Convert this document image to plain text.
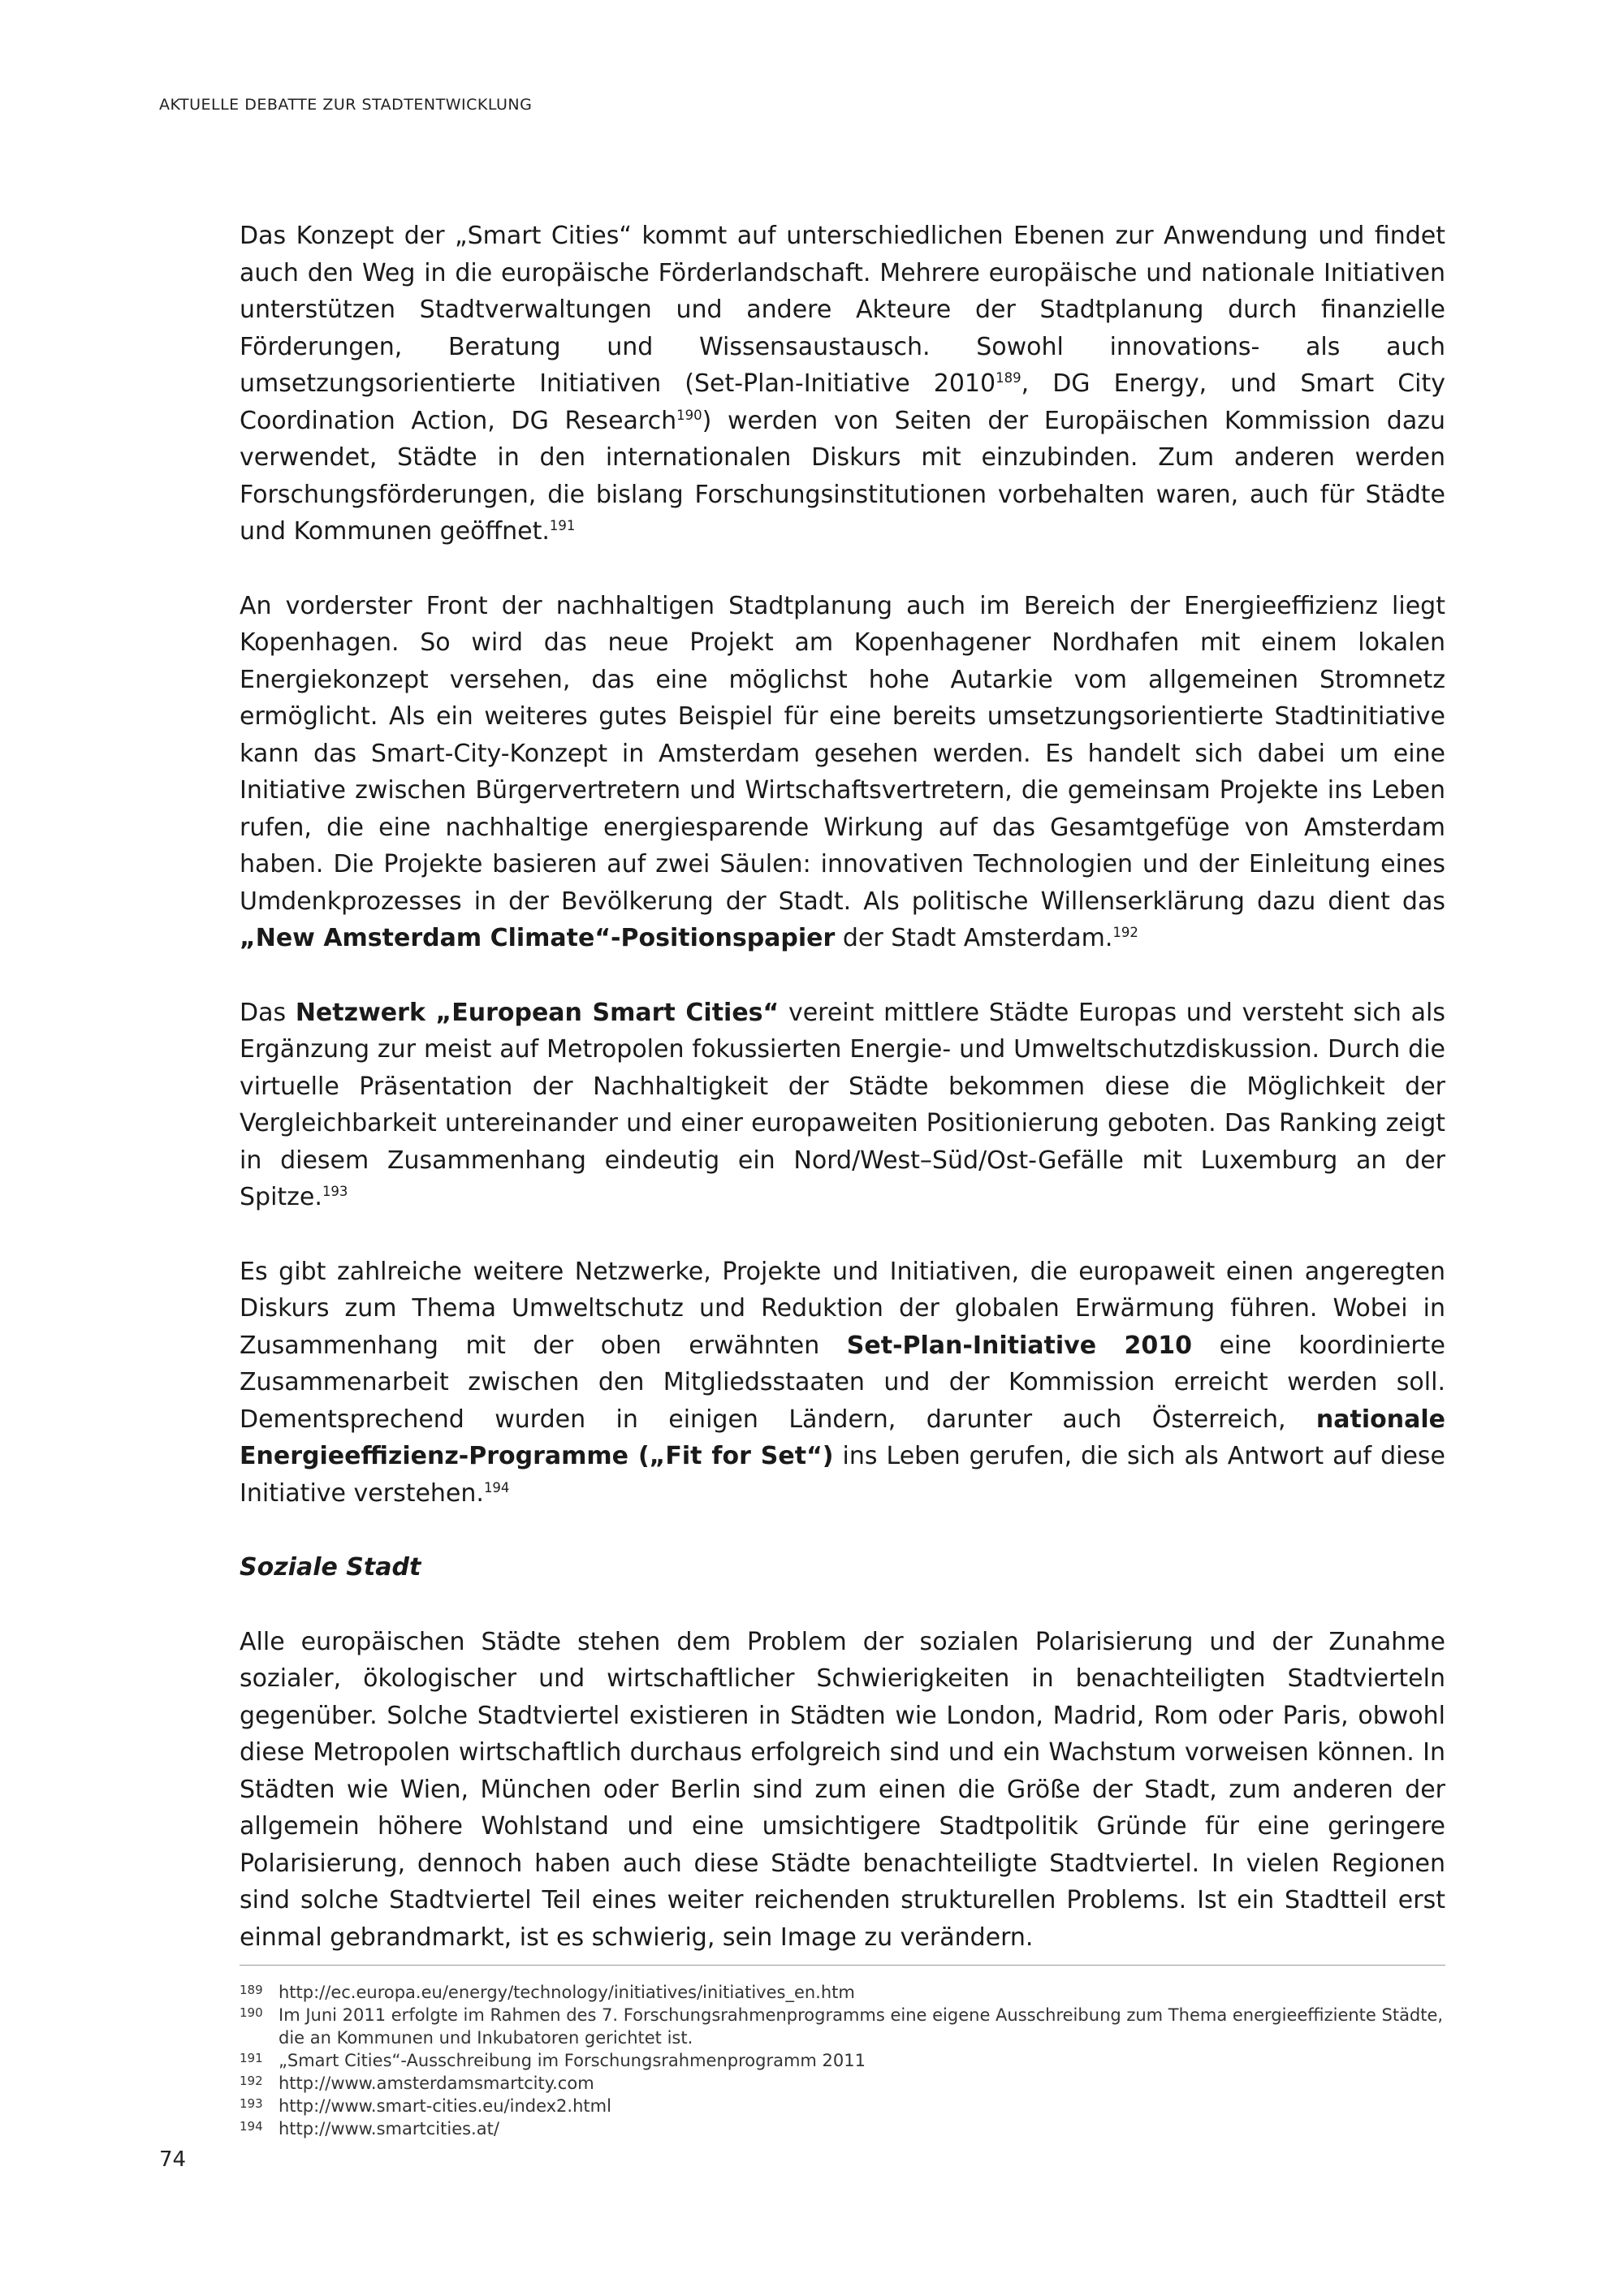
AKTUELLE DEBATTE ZUR STADTENTWICKLUNG

Das Konzept der „Smart Cities“ kommt auf unterschiedlichen Ebenen zur Anwendung und findet auch den Weg in die europäische Förderlandschaft. Mehrere europäische und nationale Initiativen unterstützen Stadtverwaltungen und andere Akteure der Stadtplanung durch finanzielle Förderungen, Beratung und Wissensaustausch. Sowohl innovations- als auch umsetzungsorientierte Initiativen (Set-Plan-Initiative 2010$^{189}$, DG Energy, und Smart City Coordination Action, DG Research$^{190}$) werden von Seiten der Europäischen Kommission dazu verwendet, Städte in den internationalen Diskurs mit einzubinden. Zum anderen werden Forschungsförderungen, die bislang Forschungsinstitutionen vorbehalten waren, auch für Städte und Kommunen geöffnet.$^{191}$

An vorderster Front der nachhaltigen Stadtplanung auch im Bereich der Energieeffizienz liegt Kopenhagen. So wird das neue Projekt am Kopenhagener Nordhafen mit einem lokalen Energiekonzept versehen, das eine möglichst hohe Autarkie vom allgemeinen Stromnetz ermöglicht. Als ein weiteres gutes Beispiel für eine bereits umsetzungsorientierte Stadtinitiative kann das Smart-City-Konzept in Amsterdam gesehen werden. Es handelt sich dabei um eine Initiative zwischen Bürgervertretern und Wirtschaftsvertretern, die gemeinsam Projekte ins Leben rufen, die eine nachhaltige energiesparende Wirkung auf das Gesamtgefüge von Amsterdam haben. Die Projekte basieren auf zwei Säulen: innovativen Technologien und der Einleitung eines Umdenkprozesses in der Bevölkerung der Stadt. Als politische Willenserklärung dazu dient das „New Amsterdam Climate“-Positionspapier der Stadt Amsterdam.$^{192}$

Das Netzwerk „European Smart Cities“ vereint mittlere Städte Europas und versteht sich als Ergänzung zur meist auf Metropolen fokussierten Energie- und Umweltschutzdiskussion. Durch die virtuelle Präsentation der Nachhaltigkeit der Städte bekommen diese die Möglichkeit der Vergleichbarkeit untereinander und einer europaweiten Positionierung geboten. Das Ranking zeigt in diesem Zusammenhang eindeutig ein Nord/West–Süd/Ost-Gefälle mit Luxemburg an der Spitze.$^{193}$

Es gibt zahlreiche weitere Netzwerke, Projekte und Initiativen, die europaweit einen angeregten Diskurs zum Thema Umweltschutz und Reduktion der globalen Erwärmung führen. Wobei in Zusammenhang mit der oben erwähnten Set-Plan-Initiative 2010 eine koordinierte Zusammenarbeit zwischen den Mitgliedsstaaten und der Kommission erreicht werden soll. Dementsprechend wurden in einigen Ländern, darunter auch Österreich, nationale Energieeffizienz-Programme („Fit for Set“) ins Leben gerufen, die sich als Antwort auf diese Initiative verstehen.$^{194}$

Soziale Stadt

Alle europäischen Städte stehen dem Problem der sozialen Polarisierung und der Zunahme sozialer, ökologischer und wirtschaftlicher Schwierigkeiten in benachteiligten Stadtvierteln gegenüber. Solche Stadtviertel existieren in Städten wie London, Madrid, Rom oder Paris, obwohl diese Metropolen wirtschaftlich durchaus erfolgreich sind und ein Wachstum vorweisen können. In Städten wie Wien, München oder Berlin sind zum einen die Größe der Stadt, zum anderen der allgemein höhere Wohlstand und eine umsichtigere Stadtpolitik Gründe für eine geringere Polarisierung, dennoch haben auch diese Städte benachteiligte Stadtviertel. In vielen Regionen sind solche Stadtviertel Teil eines weiter reichenden strukturellen Problems. Ist ein Stadtteil erst einmal gebrandmarkt, ist es schwierig, sein Image zu verändern.

189 http://ec.europa.eu/energy/technology/initiatives/initiatives_en.htm
190 Im Juni 2011 erfolgte im Rahmen des 7. Forschungsrahmenprogramms eine eigene Ausschreibung zum Thema energieeffiziente Städte, die an Kommunen und Inkubatoren gerichtet ist.
191 „Smart Cities“-Ausschreibung im Forschungsrahmenprogramm 2011
192 http://www.amsterdamsmartcity.com
193 http://www.smart-cities.eu/index2.html
194 http://www.smartcities.at/
74
